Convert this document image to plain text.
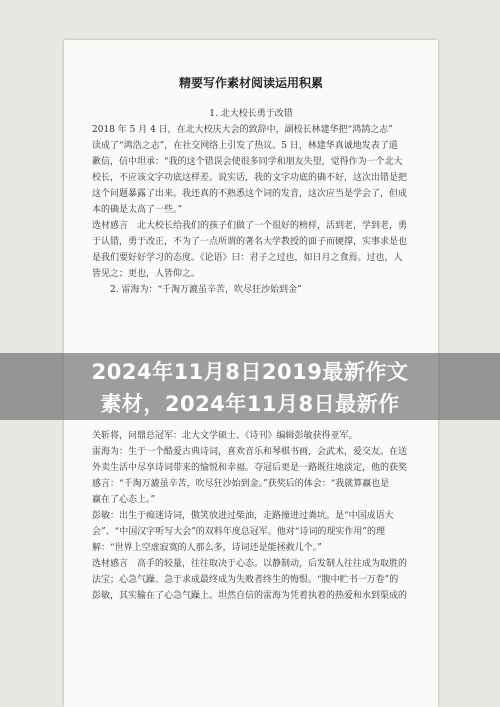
精要写作素材阅读运用积累
1. 北大校长勇于改错

2018 年 5 月 4 日，在北大校庆大会的致辞中，副校长林建华把“鸿鹄之志”

读成了“鸿浩之志”，在社交网络上引发了热议。5 日，林建华真诚地发表了道

歉信，信中坦承：“我的这个错误会使很多同学和朋友失望，觉得作为一个北大

校长，不应该文字功底这样差。说实话，我的文字功底的确不好，这次出错是把

这个问题暴露了出来。我还真的不熟悉这个词的发音，这次应当是学会了，但成

本的确是太高了一些。”

选材感言　北大校长给我们的孩子们做了一个很好的榜样，活到老，学到老，勇

于认错，勇于改正，不为了一点所谓的著名大学教授的面子而硬撑，实事求是也

是我们要好好学习的态度。《论语》曰：君子之过也，如日月之食焉。过也，人

皆见之；更也，人皆仰之。

　　2. 雷海为：“千淘万漉虽辛苦，吹尽狂沙始到金”

关斩将，问鼎总冠军：北大文学硕士、《诗刊》编辑彭敏获得亚军。

雷海为：生于一个酷爱古典诗词，喜欢音乐和琴棋书画，会武术，爱交友。在送

外卖生活中尽享诗词带来的愉悦和幸福。夺冠后更是一路既往地淡定，他的获奖

感言：“千淘万漉虽辛苦，吹尽狂沙始到金。”获奖后的体会：“我就算赢也是

赢在了心态上。”

彭敏：出生于痴迷诗词，傲笑放进过柴油，走路撞进过粪坑。是“中国成语大

会”、“中国汉字听写大会”的双料年度总冠军。他对“诗词的现实作用”的理

解：“世界上空虚寂寞的人那么多，诗词还是能拯救几个。”

选材感言　高手的较量，往往取决于心态。以静制动，后发制人往往成为取胜的

法宝；心急气躁、急于求成最终成为失败者终生的悔恨。“腹中贮书一万卷”的

彭敏，其实输在了心急气躁上。坦然自信的雷海为凭着执着的热爱和水到渠成的

2024年11月8日2019最新作文

素材，2024年11月8日最新作
